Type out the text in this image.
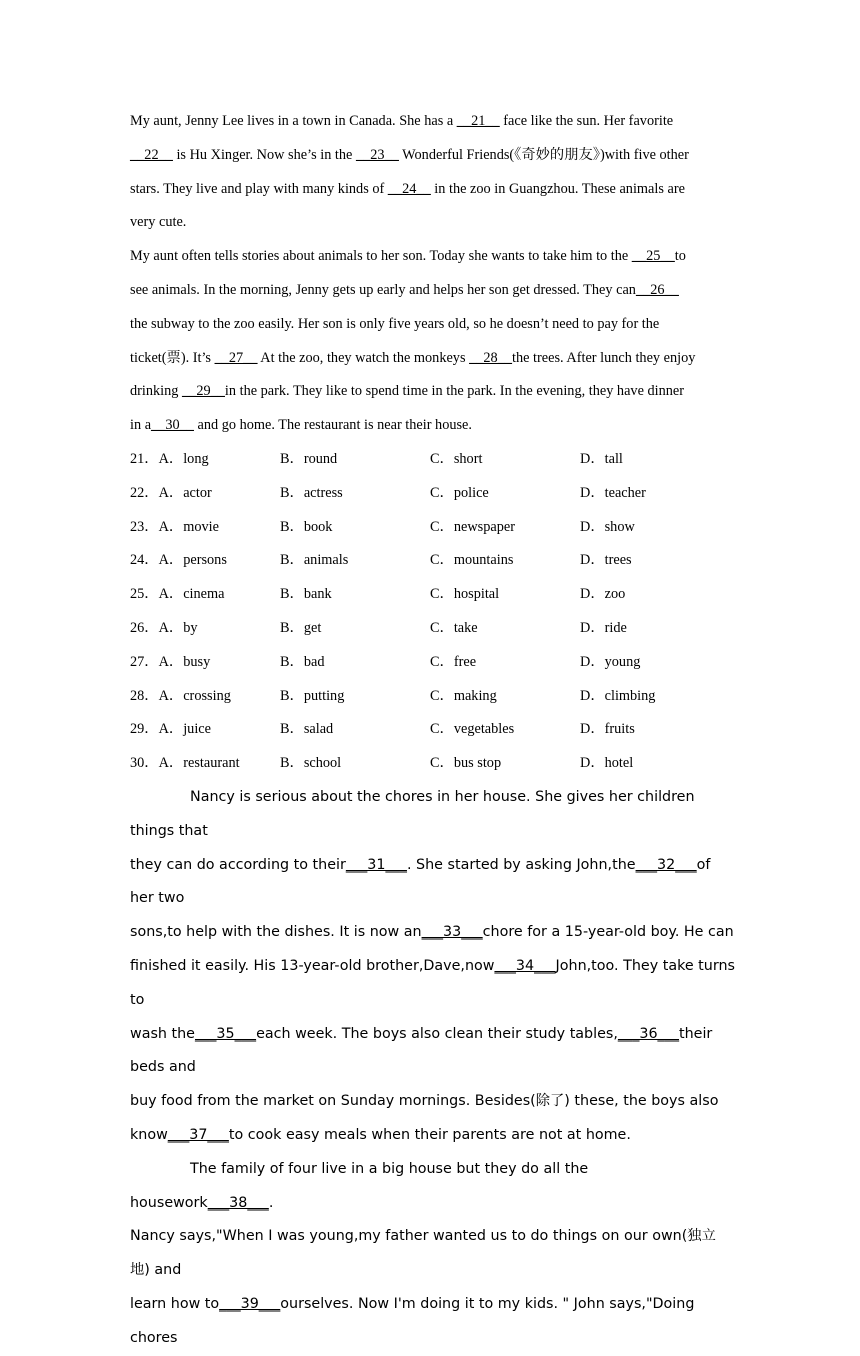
My aunt, Jenny Lee lives in a town in Canada. She has a __21__ face like the sun. Her favorite

__22__ is Hu Xinger. Now she’s in the __23__ Wonderful Friends(《奇妙的朋友》)with five other

stars. They live and play with many kinds of __24__ in the zoo in Guangzhou. These animals are

very cute.

My aunt often tells stories about animals to her son. Today she wants to take him to the __25__to

see animals. In the morning, Jenny gets up early and helps her son get dressed. They can__26__

the subway to the zoo easily. Her son is only five years old, so he doesn’t need to pay for the

ticket(票). It’s __27__ At the zoo, they watch the monkeys __28__the trees. After lunch they enjoy

drinking __29__in the park. They like to spend time in the park. In the evening, they have dinner

in a__30__ and go home. The restaurant is near their house.

21．A．long	B．round	C．short	D．tall
22．A．actor	B．actress	C．police	D．teacher
23．A．movie	B．book	C．newspaper	D．show
24．A．persons	B．animals	C．mountains	D．trees
25．A．cinema	B．bank	C．hospital	D．zoo
26．A．by	B．get	C．take	D．ride
27．A．busy	B．bad	C．free	D．young
28．A．crossing	B．putting	C．making	D．climbing
29．A．juice	B．salad	C．vegetables	D．fruits
30．A．restaurant	B．school	C．bus stop	D．hotel

Nancy is serious about the chores in her house. She gives her children things that

they can do according to their___31___. She started by asking John,the___32___of her two

sons,to help with the dishes. It is now an___33___chore for a 15-year-old boy. He can

finished it easily. His 13-year-old brother,Dave,now___34___John,too. They take turns to

wash the___35___each week. The boys also clean their study tables,___36___their beds and

buy food from the market on Sunday mornings. Besides(除了) these, the boys also

know___37___to cook easy meals when their parents are not at home.

The family of four live in a big house but they do all the housework___38___.

Nancy says,"When I was young,my father wanted us to do things on our own(独立地) and

learn how to___39___ourselves. Now I'm doing it to my kids. " John says,"Doing chores
